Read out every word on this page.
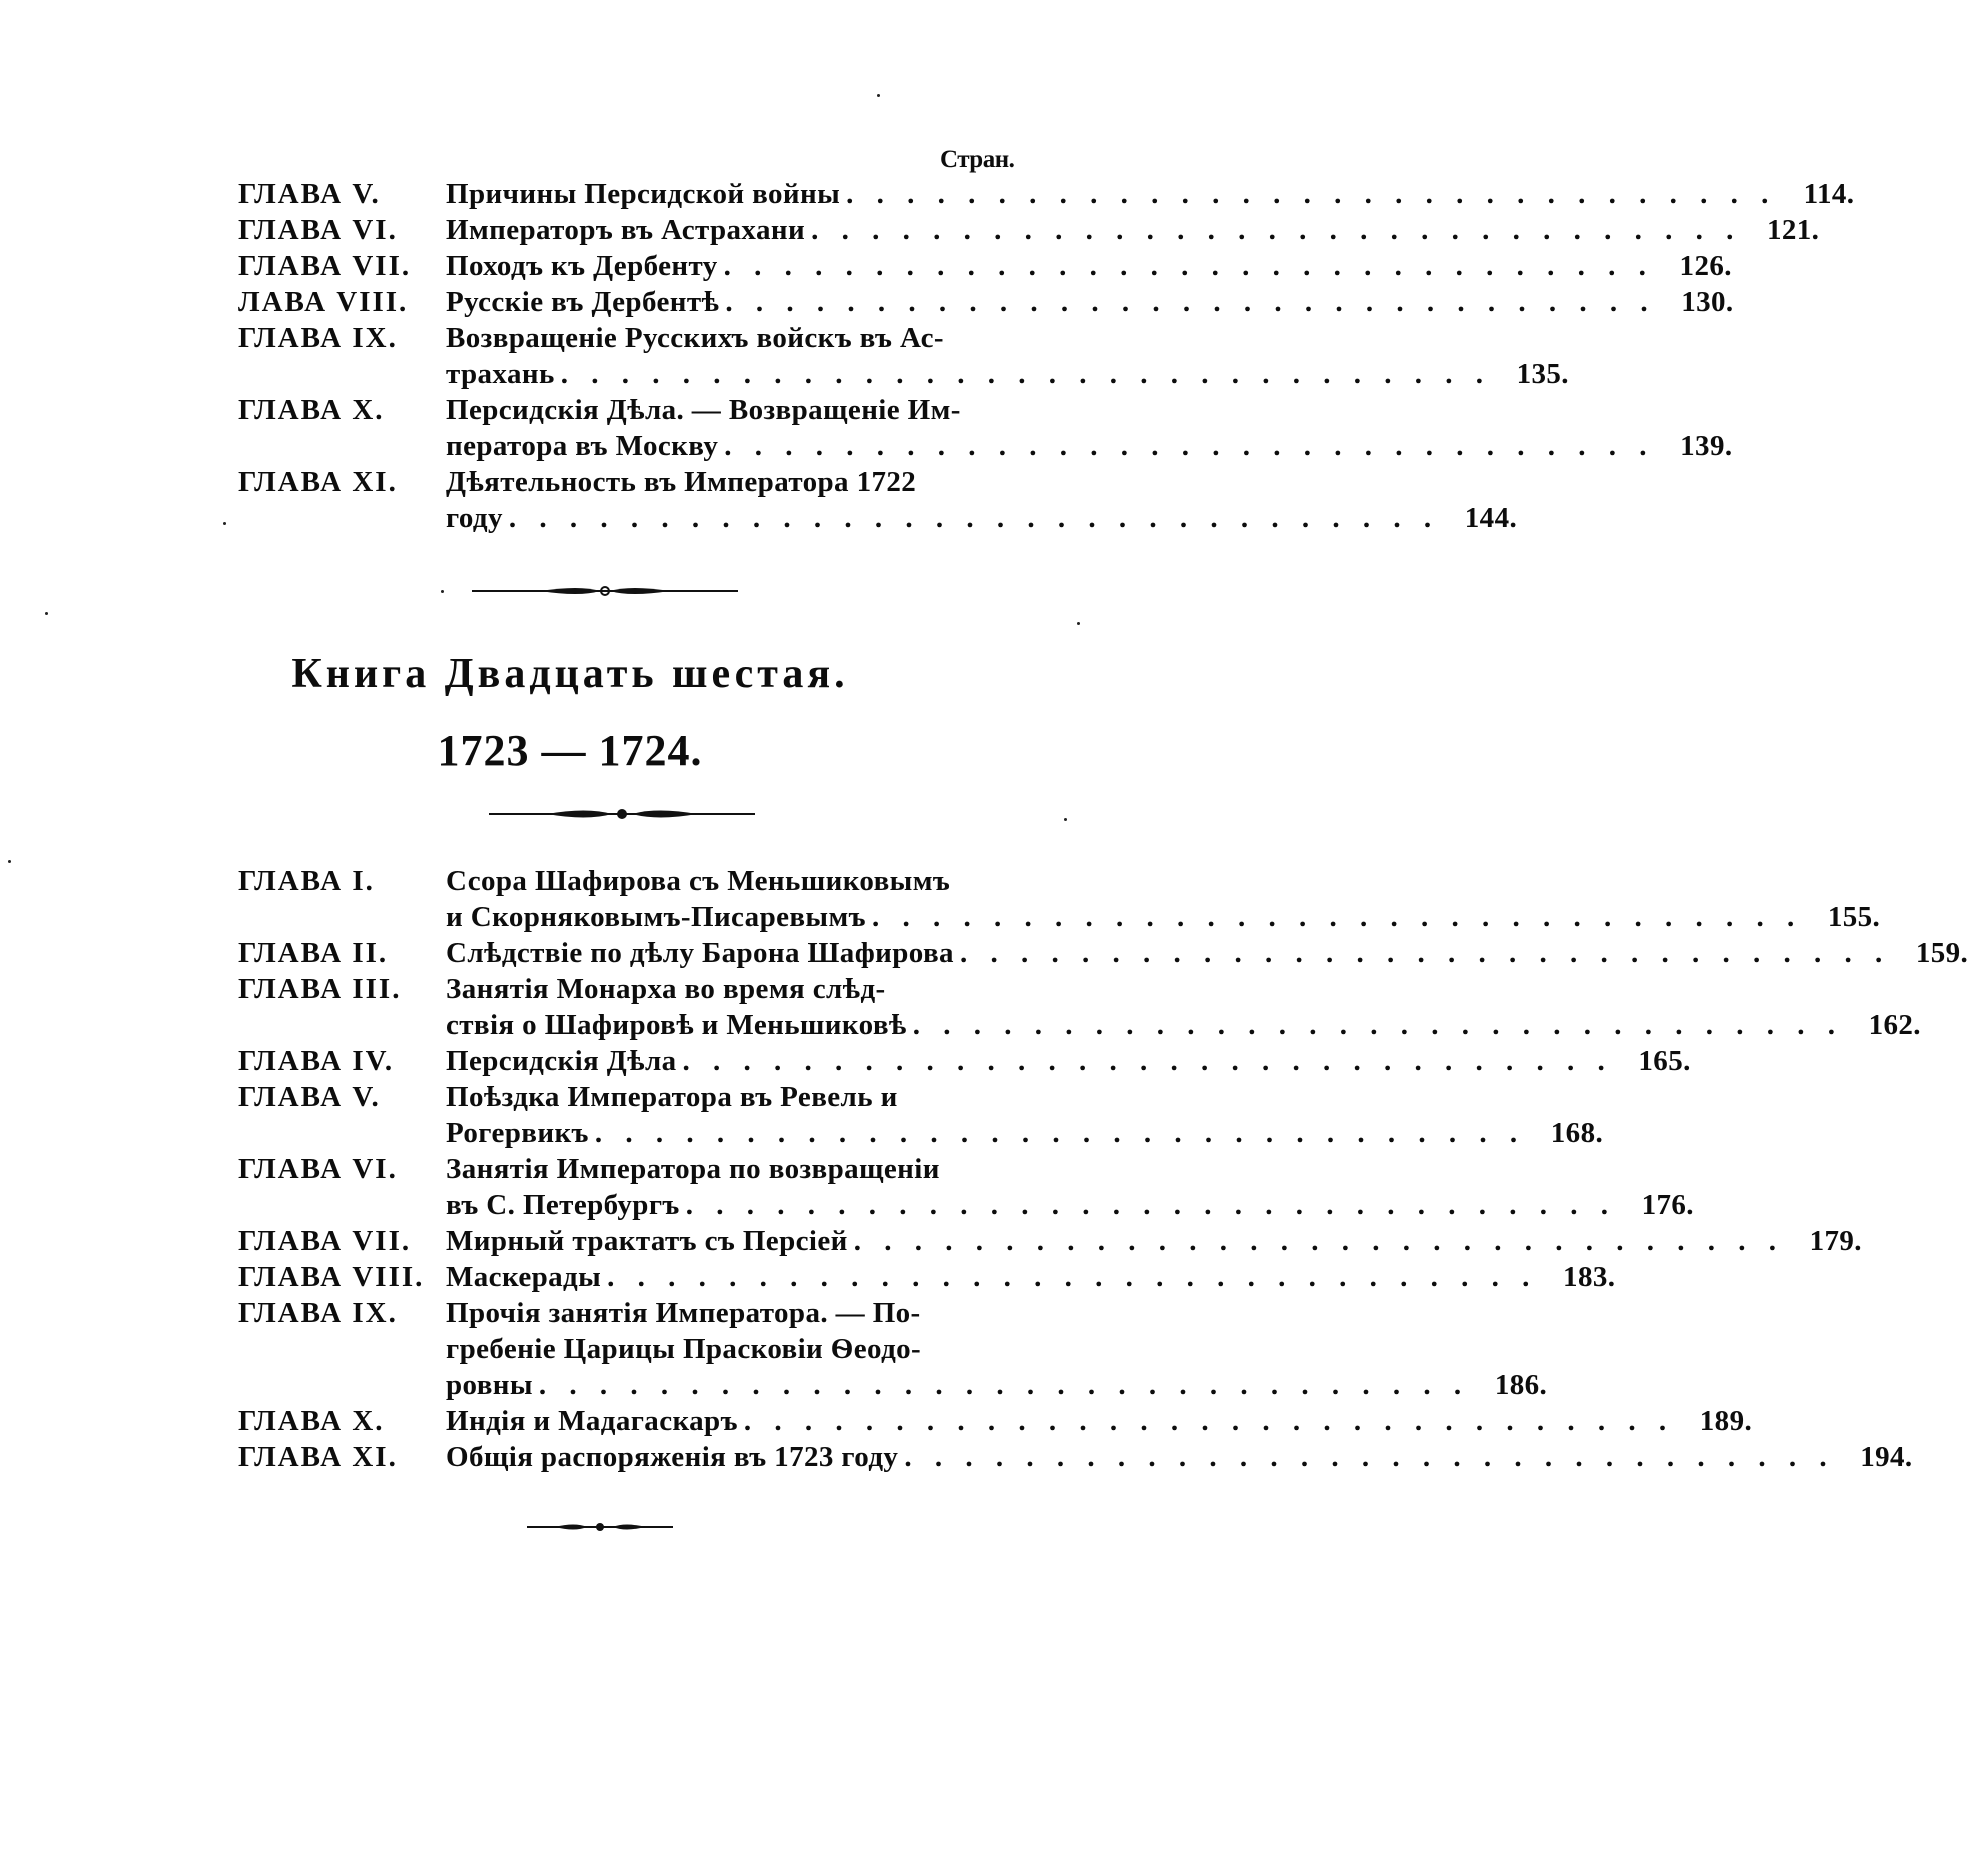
Стран.
ГЛАВА V.	Причины Персидской войны . . . . . . . . . . . . . . . . . . . . . . . . . . . . . . . 114.
ГЛАВА VI.	Императоръ въ Астрахани . . . . . . . . . . . . . . . . . . . . . . . . . . . . . . . 121.
ГЛАВА VII.	Походъ къ Дербенту . . . . . . . . . . . . . . . . . . . . . . . . . . . . . . . 126.
ЛАВА VIII.	Русскіе въ Дербентѣ . . . . . . . . . . . . . . . . . . . . . . . . . . . . . . . 130.
ГЛАВА IX.	Возвращеніе Русскихъ войскъ въ Ас-
трахань . . . . . . . . . . . . . . . . . . . . . . . . . . . . . . . 135.
ГЛАВА X.	Персидскія Дѣла. — Возвращеніе Им-
ператора въ Москву . . . . . . . . . . . . . . . . . . . . . . . . . . . . . . . 139.
ГЛАВА XI.	Дѣятельность въ Императора 1722
году . . . . . . . . . . . . . . . . . . . . . . . . . . . . . . . 144.
Книга Двадцать шестая.
1723 — 1724.
ГЛАВА I.	Ссора Шафирова съ Меньшиковымъ
и Скорняковымъ-Писаревымъ . . . . . . . . . . . . . . . . . . . . . . . . . . . . . . . 155.
ГЛАВА II.	Слѣдствіе по дѣлу Барона Шафирова . . . . . . . . . . . . . . . . . . . . . . . . . . . . . . . 159.
ГЛАВА III.	Занятія Монарха во время слѣд-
ствія о Шафировѣ и Меньшиковѣ . . . . . . . . . . . . . . . . . . . . . . . . . . . . . . . 162.
ГЛАВА IV.	Персидскія Дѣла . . . . . . . . . . . . . . . . . . . . . . . . . . . . . . . 165.
ГЛАВА V.	Поѣздка Императора въ Ревель и
Рогервикъ . . . . . . . . . . . . . . . . . . . . . . . . . . . . . . . 168.
ГЛАВА VI.	Занятія Императора по возвращеніи
въ С. Петербургъ . . . . . . . . . . . . . . . . . . . . . . . . . . . . . . . 176.
ГЛАВА VII.	Мирный трактатъ съ Персіей . . . . . . . . . . . . . . . . . . . . . . . . . . . . . . . 179.
ГЛАВА VIII. Маскерады . . . . . . . . . . . . . . . . . . . . . . . . . . . . . . . 183.
ГЛАВА IX.	Прочія занятія Императора. — По-
гребеніе Царицы Прасковіи Ѳеодо-
ровны . . . . . . . . . . . . . . . . . . . . . . . . . . . . . . . 186.
ГЛАВА X.	Индія и Мадагаскаръ . . . . . . . . . . . . . . . . . . . . . . . . . . . . . . . 189.
ГЛАВА XI.	Общія распоряженія въ 1723 году . . . . . . . . . . . . . . . . . . . . . . . . . . . . . . . 194.
